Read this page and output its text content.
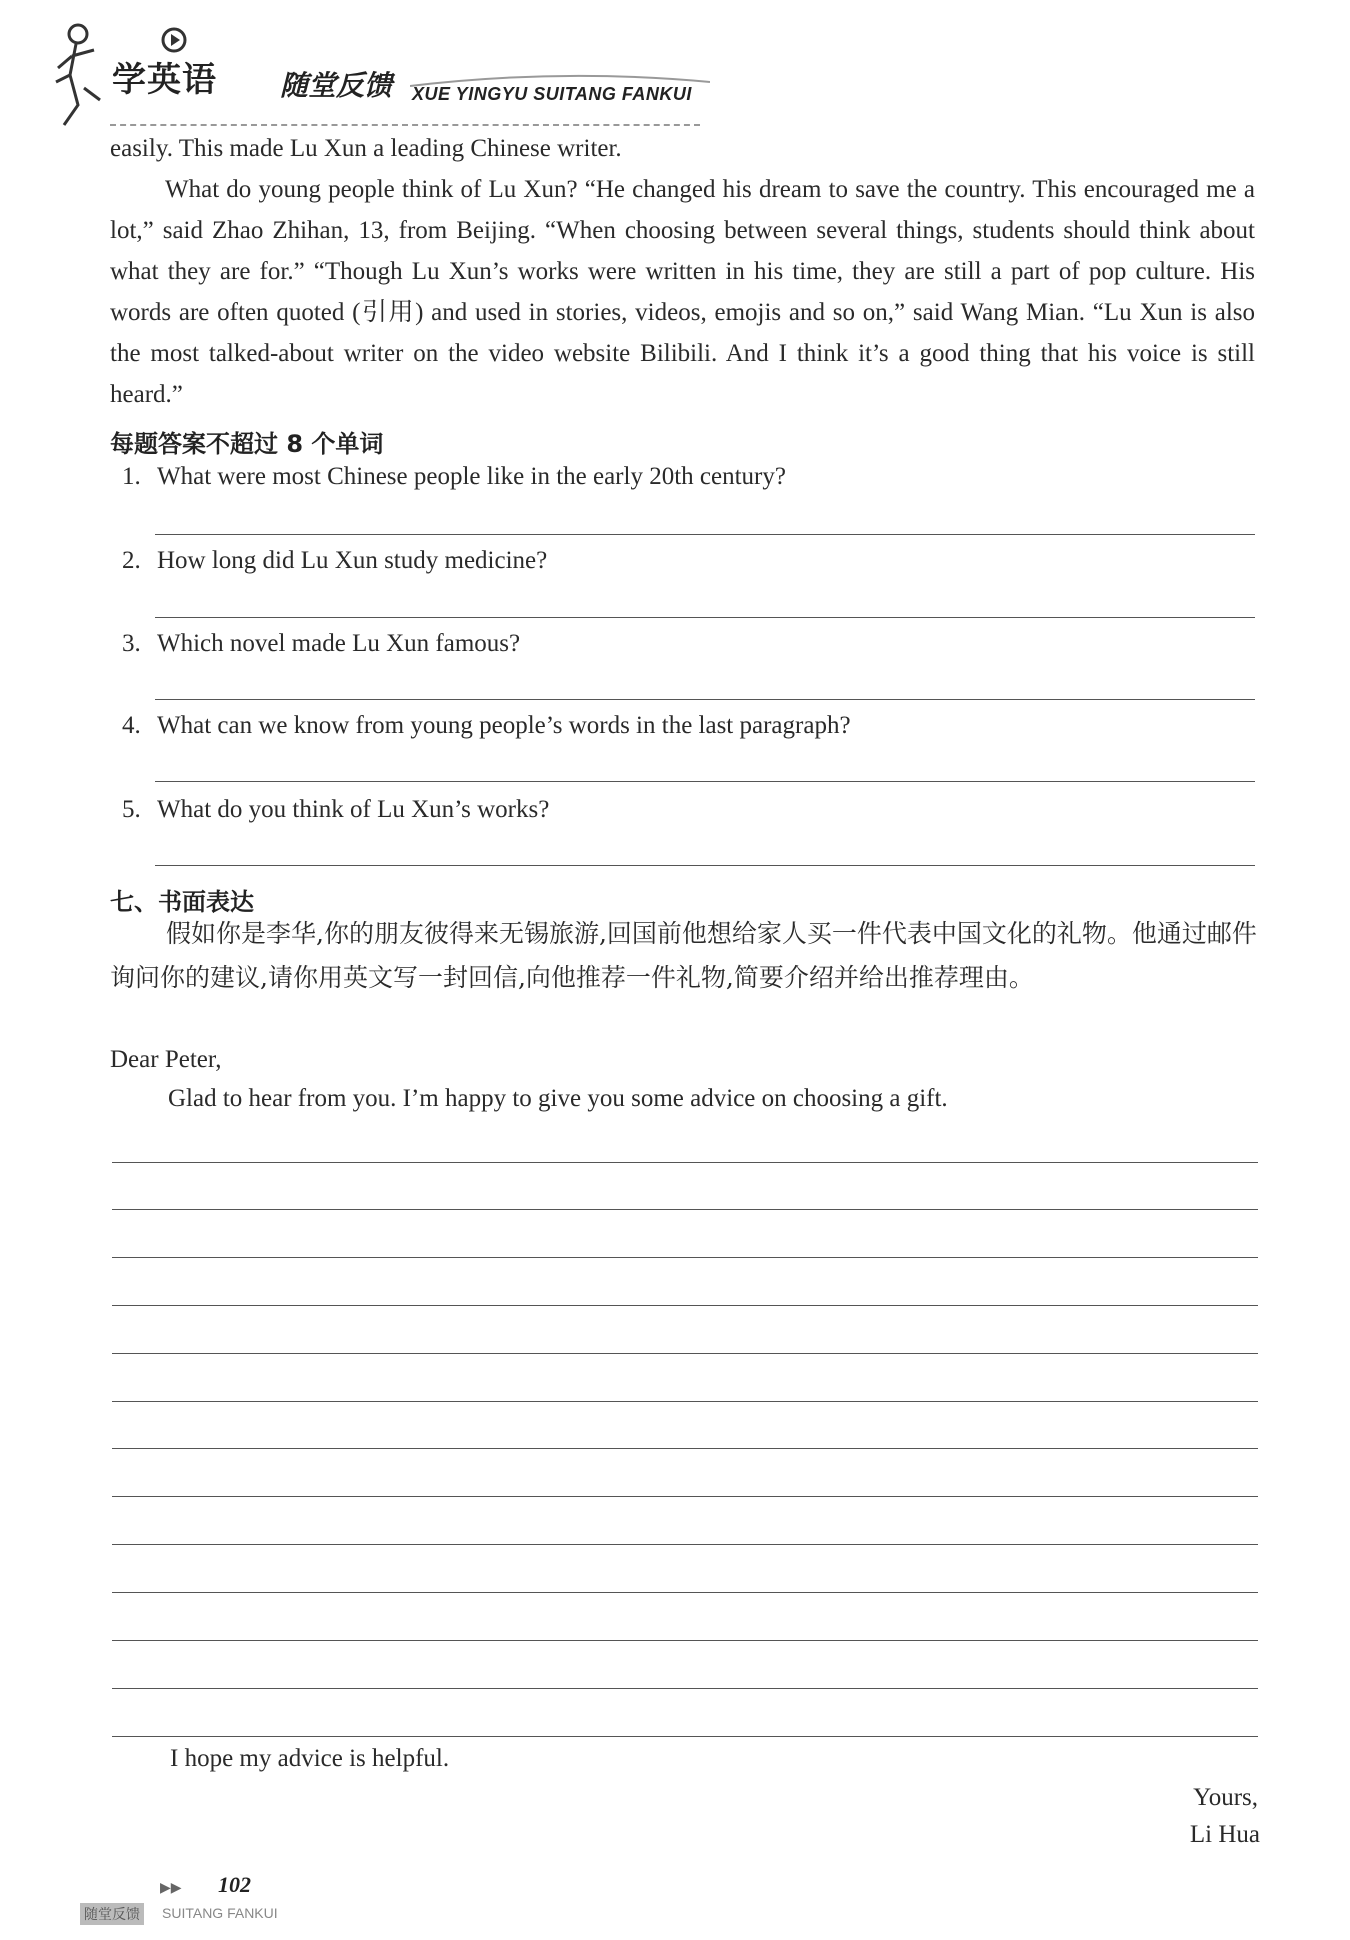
学英语 随堂反馈 XUE YINGYU SUITANG FANKUI

easily. This made Lu Xun a leading Chinese writer.

What do young people think of Lu Xun? “He changed his dream to save the country. This encouraged me a lot,” said Zhao Zhihan, 13, from Beijing. “When choosing between several things, students should think about what they are for.” “Though Lu Xun’s works were written in his time, they are still a part of pop culture. His words are often quoted (引用) and used in stories, videos, emojis and so on,” said Wang Mian. “Lu Xun is also the most talked-about writer on the video website Bilibili. And I think it’s a good thing that his voice is still heard.”

每题答案不超过 8 个单词
1. What were most Chinese people like in the early 20th century?
2. How long did Lu Xun study medicine?
3. Which novel made Lu Xun famous?
4. What can we know from young people’s words in the last paragraph?
5. What do you think of Lu Xun’s works?
七、书面表达
假如你是李华,你的朋友彼得来无锡旅游,回国前他想给家人买一件代表中国文化的礼物。他通过邮件询问你的建议,请你用英文写一封回信,向他推荐一件礼物,简要介绍并给出推荐理由。
Dear Peter,
Glad to hear from you. I’m happy to give you some advice on choosing a gift.
I hope my advice is helpful.
Yours,
Li Hua
▶▶ 102
随堂反馈 SUITANG FANKUI
